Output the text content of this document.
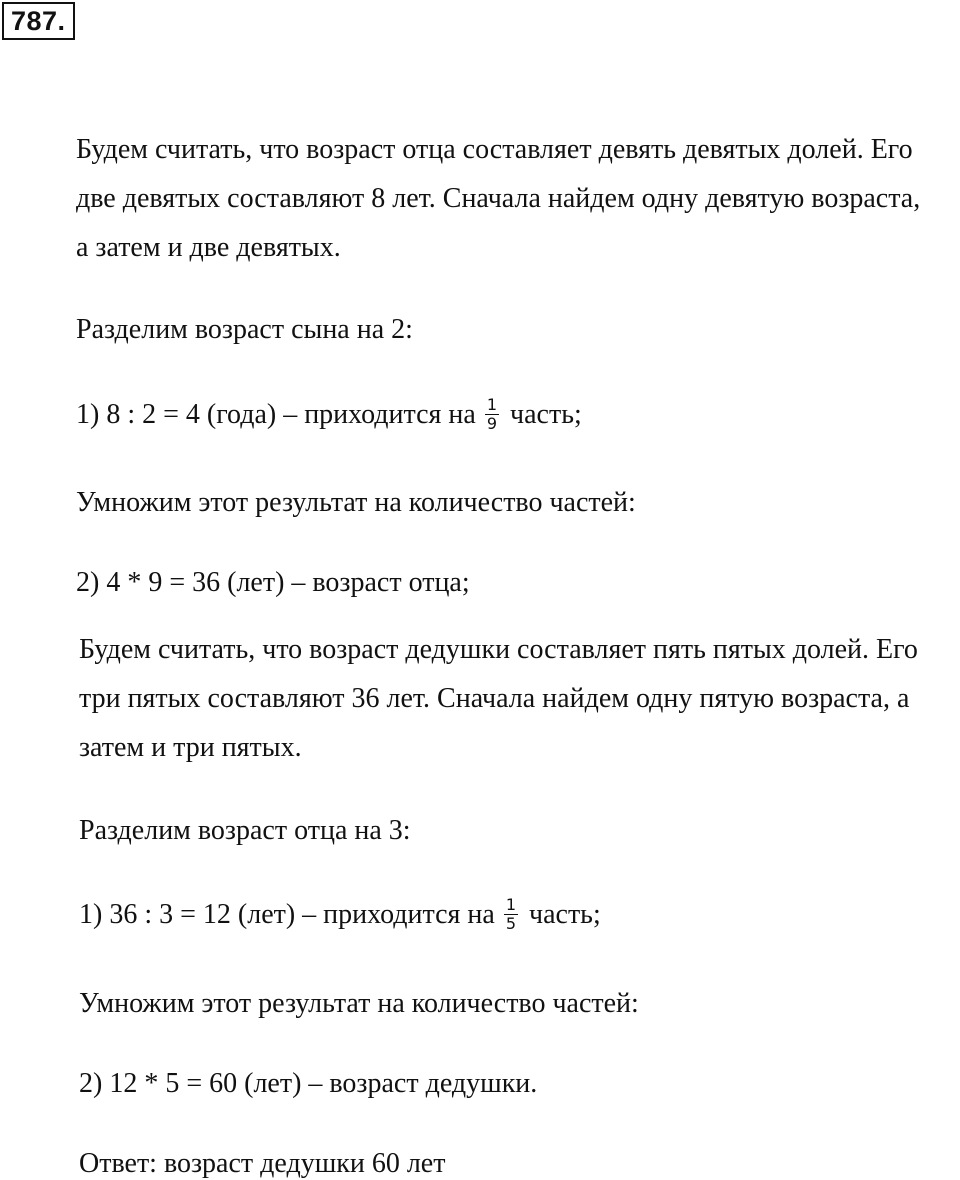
787.
Будем считать, что возраст отца составляет девять девятых долей. Его
две девятых составляют 8 лет. Сначала найдем одну девятую возраста,
а затем и две девятых.
Разделим возраст сына на 2:
1) 8 : 2 = 4 (года) – приходится на $\frac{1}{9}$ часть;
Умножим этот результат на количество частей:
2) 4 * 9 = 36 (лет) – возраст отца;
Будем считать, что возраст дедушки составляет пять пятых долей. Его
три пятых составляют 36 лет. Сначала найдем одну пятую возраста, а
затем и три пятых.
Разделим возраст отца на 3:
1) 36 : 3 = 12 (лет) – приходится на $\frac{1}{5}$ часть;
Умножим этот результат на количество частей:
2) 12 * 5 = 60 (лет) – возраст дедушки.
Ответ: возраст дедушки 60 лет
